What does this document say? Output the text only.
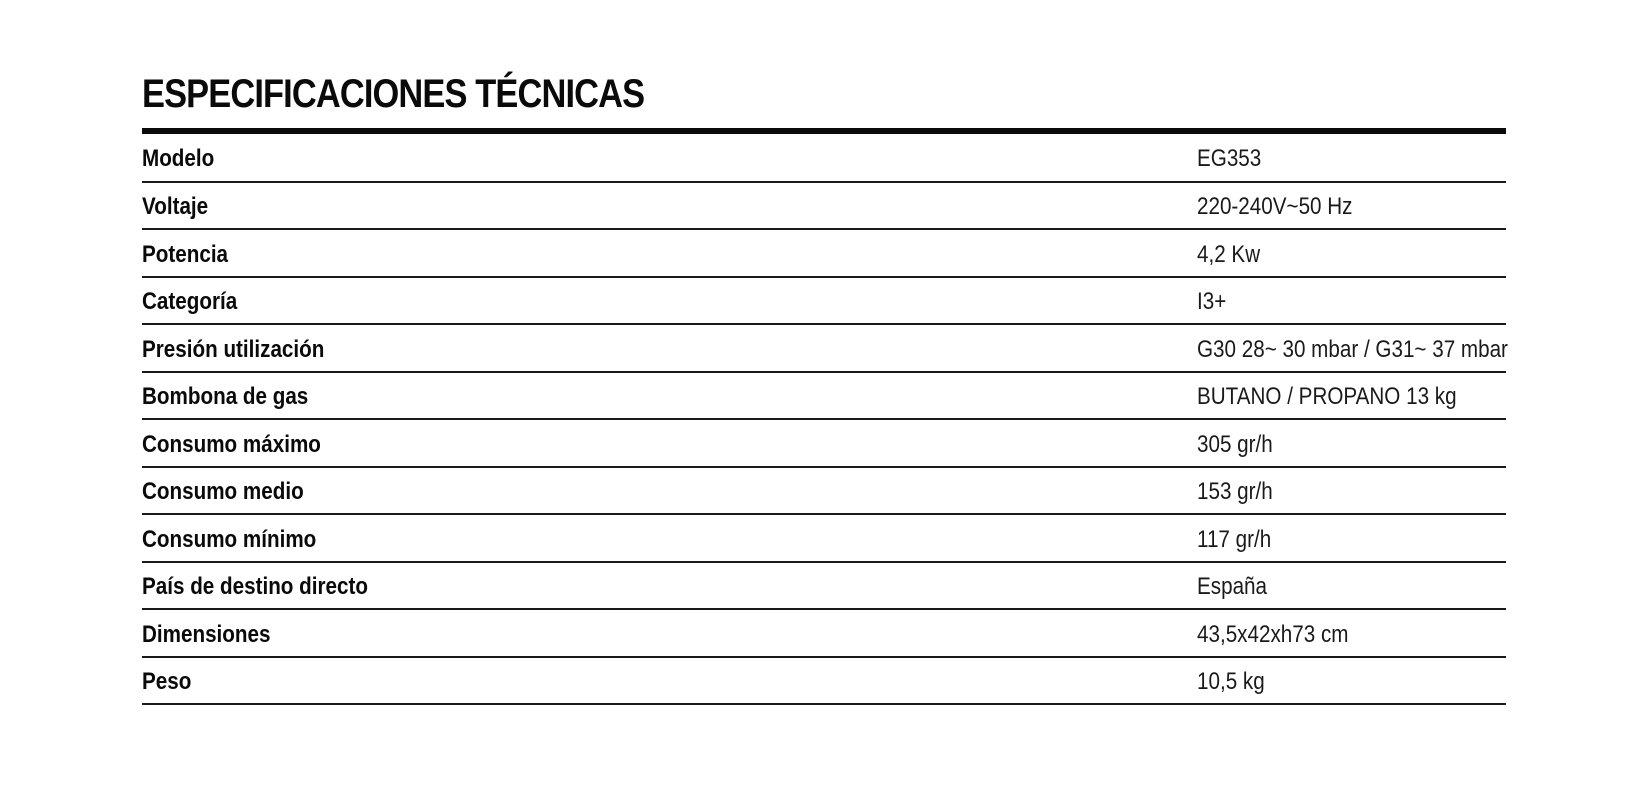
ESPECIFICACIONES TÉCNICAS
Modelo	EG353
Voltaje	220-240V~50 Hz
Potencia	4,2 Kw
Categoría	I3+
Presión utilización	G30 28~ 30 mbar / G31~ 37 mbar
Bombona de gas	BUTANO / PROPANO 13 kg
Consumo máximo	305 gr/h
Consumo medio	153 gr/h
Consumo mínimo	117 gr/h
País de destino directo	España
Dimensiones	43,5x42xh73 cm
Peso	10,5 kg
